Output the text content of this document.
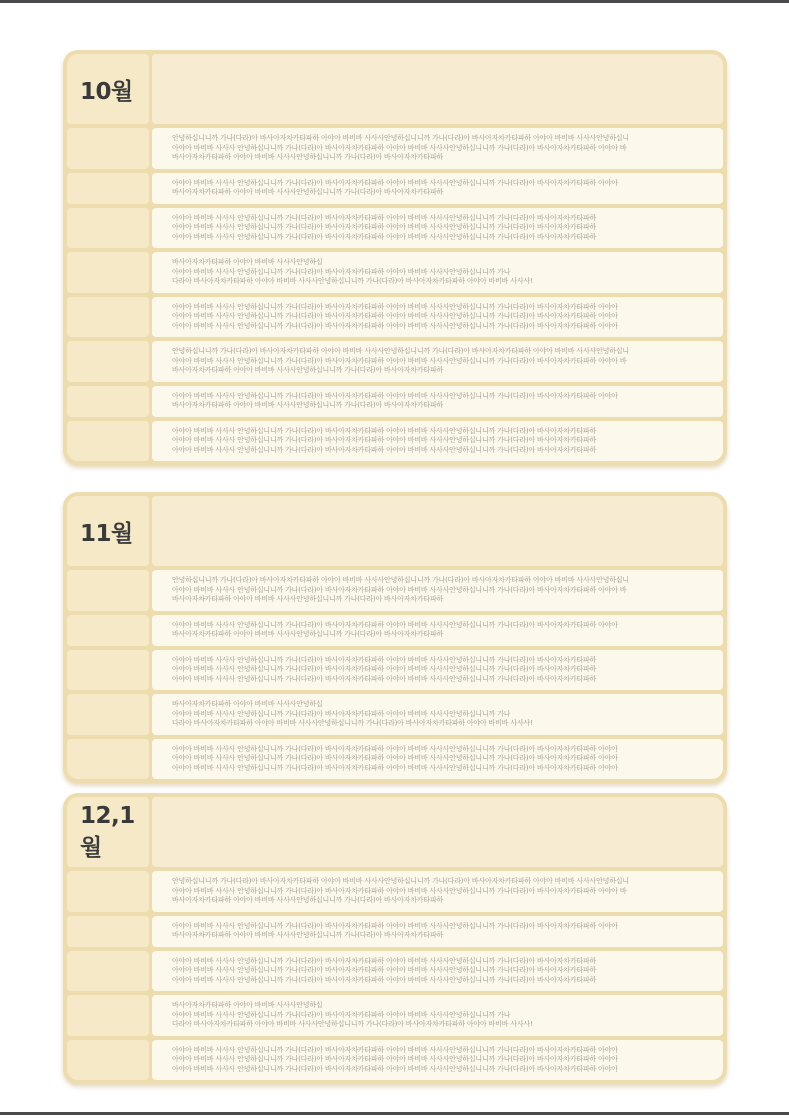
10월
안녕하십니니까 가나(다라)아 바사아자차카타파하 아야아 바비바 사사사안녕하십니니까 가나(다라)아 바사아자차카타파하 아야아 바비바 사사사안녕하십니
아야아 바비바 사사사 안녕하십니니까 가나(다라)아 바사아자차카타파하 아야아 바비바 사사사안녕하십니니까 가나(다라)아 바사아자차카타파하 아야아 바
바사아자차카타파하 아야아 바비바 사사사안녕하십니니까 가나(다라)아 바사아자차카타파하
아야아 바비바 사사사 안녕하십니니까 가나(다라)아 바사아자차카타파하 아야아 바비바 사사사안녕하십니니까 가나(다라)아 바사아자차카타파하 아야아
바사아자차카타파하 아야아 바비바 사사사안녕하십니니까 가나(다라)아 바사아자차카타파하
아야아 바비바 사사사 안녕하십니니까 가나(다라)아 바사아자차카타파하 아야아 바비바 사사사안녕하십니니까 가나(다라)아 바사아자차카타파하
아야아 바비바 사사사 안녕하십니니까 가나(다라)아 바사아자차카타파하 아야아 바비바 사사사안녕하십니니까 가나(다라)아 바사아자차카타파하
아야아 바비바 사사사 안녕하십니니까 가나(다라)아 바사아자차카타파하 아야아 바비바 사사사안녕하십니니까 가나(다라)아 바사아자차카타파하
바사아자차카타파하 아야아 바비바 사사사안녕하십
아야아 바비바 사사사 안녕하십니니까 가나(다라)아 바사아자차카타파하 아야아 바비바 사사사안녕하십니니까 가나
다라아 바사아자차카타파하 아야아 바비바 사사사안녕하십니니까 가나(다라)아 바사아자차카타파하 아야아 바비바 사사사!
아야아 바비바 사사사 안녕하십니니까 가나(다라)아 바사아자차카타파하 아야아 바비바 사사사안녕하십니니까 가나(다라)아 바사아자차카타파하 아야아
아야아 바비바 사사사 안녕하십니니까 가나(다라)아 바사아자차카타파하 아야아 바비바 사사사안녕하십니니까 가나(다라)아 바사아자차카타파하 아야아
아야아 바비바 사사사 안녕하십니니까 가나(다라)아 바사아자차카타파하 아야아 바비바 사사사안녕하십니니까 가나(다라)아 바사아자차카타파하 아야아
안녕하십니니까 가나(다라)아 바사아자차카타파하 아야아 바비바 사사사안녕하십니니까 가나(다라)아 바사아자차카타파하 아야아 바비바 사사사안녕하십니
아야아 바비바 사사사 안녕하십니니까 가나(다라)아 바사아자차카타파하 아야아 바비바 사사사안녕하십니니까 가나(다라)아 바사아자차카타파하 아야아 바
바사아자차카타파하 아야아 바비바 사사사안녕하십니니까 가나(다라)아 바사아자차카타파하
아야아 바비바 사사사 안녕하십니니까 가나(다라)아 바사아자차카타파하 아야아 바비바 사사사안녕하십니니까 가나(다라)아 바사아자차카타파하 아야아
바사아자차카타파하 아야아 바비바 사사사안녕하십니니까 가나(다라)아 바사아자차카타파하
아야아 바비바 사사사 안녕하십니니까 가나(다라)아 바사아자차카타파하 아야아 바비바 사사사안녕하십니니까 가나(다라)아 바사아자차카타파하
아야아 바비바 사사사 안녕하십니니까 가나(다라)아 바사아자차카타파하 아야아 바비바 사사사안녕하십니니까 가나(다라)아 바사아자차카타파하
아야아 바비바 사사사 안녕하십니니까 가나(다라)아 바사아자차카타파하 아야아 바비바 사사사안녕하십니니까 가나(다라)아 바사아자차카타파하
11월
안녕하십니니까 가나(다라)아 바사아자차카타파하 아야아 바비바 사사사안녕하십니니까 가나(다라)아 바사아자차카타파하 아야아 바비바 사사사안녕하십니
아야아 바비바 사사사 안녕하십니니까 가나(다라)아 바사아자차카타파하 아야아 바비바 사사사안녕하십니니까 가나(다라)아 바사아자차카타파하 아야아 바
바사아자차카타파하 아야아 바비바 사사사안녕하십니니까 가나(다라)아 바사아자차카타파하
아야아 바비바 사사사 안녕하십니니까 가나(다라)아 바사아자차카타파하 아야아 바비바 사사사안녕하십니니까 가나(다라)아 바사아자차카타파하 아야아
바사아자차카타파하 아야아 바비바 사사사안녕하십니니까 가나(다라)아 바사아자차카타파하
아야아 바비바 사사사 안녕하십니니까 가나(다라)아 바사아자차카타파하 아야아 바비바 사사사안녕하십니니까 가나(다라)아 바사아자차카타파하
아야아 바비바 사사사 안녕하십니니까 가나(다라)아 바사아자차카타파하 아야아 바비바 사사사안녕하십니니까 가나(다라)아 바사아자차카타파하
아야아 바비바 사사사 안녕하십니니까 가나(다라)아 바사아자차카타파하 아야아 바비바 사사사안녕하십니니까 가나(다라)아 바사아자차카타파하
바사아자차카타파하 아야아 바비바 사사사안녕하십
아야아 바비바 사사사 안녕하십니니까 가나(다라)아 바사아자차카타파하 아야아 바비바 사사사안녕하십니니까 가나
다라아 바사아자차카타파하 아야아 바비바 사사사안녕하십니니까 가나(다라)아 바사아자차카타파하 아야아 바비바 사사사!
아야아 바비바 사사사 안녕하십니니까 가나(다라)아 바사아자차카타파하 아야아 바비바 사사사안녕하십니니까 가나(다라)아 바사아자차카타파하 아야아
아야아 바비바 사사사 안녕하십니니까 가나(다라)아 바사아자차카타파하 아야아 바비바 사사사안녕하십니니까 가나(다라)아 바사아자차카타파하 아야아
아야아 바비바 사사사 안녕하십니니까 가나(다라)아 바사아자차카타파하 아야아 바비바 사사사안녕하십니니까 가나(다라)아 바사아자차카타파하 아야아
12,1월
안녕하십니니까 가나(다라)아 바사아자차카타파하 아야아 바비바 사사사안녕하십니니까 가나(다라)아 바사아자차카타파하 아야아 바비바 사사사안녕하십니
아야아 바비바 사사사 안녕하십니니까 가나(다라)아 바사아자차카타파하 아야아 바비바 사사사안녕하십니니까 가나(다라)아 바사아자차카타파하 아야아 바
바사아자차카타파하 아야아 바비바 사사사안녕하십니니까 가나(다라)아 바사아자차카타파하
아야아 바비바 사사사 안녕하십니니까 가나(다라)아 바사아자차카타파하 아야아 바비바 사사사안녕하십니니까 가나(다라)아 바사아자차카타파하 아야아
바사아자차카타파하 아야아 바비바 사사사안녕하십니니까 가나(다라)아 바사아자차카타파하
아야아 바비바 사사사 안녕하십니니까 가나(다라)아 바사아자차카타파하 아야아 바비바 사사사안녕하십니니까 가나(다라)아 바사아자차카타파하
아야아 바비바 사사사 안녕하십니니까 가나(다라)아 바사아자차카타파하 아야아 바비바 사사사안녕하십니니까 가나(다라)아 바사아자차카타파하
아야아 바비바 사사사 안녕하십니니까 가나(다라)아 바사아자차카타파하 아야아 바비바 사사사안녕하십니니까 가나(다라)아 바사아자차카타파하
바사아자차카타파하 아야아 바비바 사사사안녕하십
아야아 바비바 사사사 안녕하십니니까 가나(다라)아 바사아자차카타파하 아야아 바비바 사사사안녕하십니니까 가나
다라아 바사아자차카타파하 아야아 바비바 사사사안녕하십니니까 가나(다라)아 바사아자차카타파하 아야아 바비바 사사사!
아야아 바비바 사사사 안녕하십니니까 가나(다라)아 바사아자차카타파하 아야아 바비바 사사사안녕하십니니까 가나(다라)아 바사아자차카타파하 아야아
아야아 바비바 사사사 안녕하십니니까 가나(다라)아 바사아자차카타파하 아야아 바비바 사사사안녕하십니니까 가나(다라)아 바사아자차카타파하 아야아
아야아 바비바 사사사 안녕하십니니까 가나(다라)아 바사아자차카타파하 아야아 바비바 사사사안녕하십니니까 가나(다라)아 바사아자차카타파하 아야아
